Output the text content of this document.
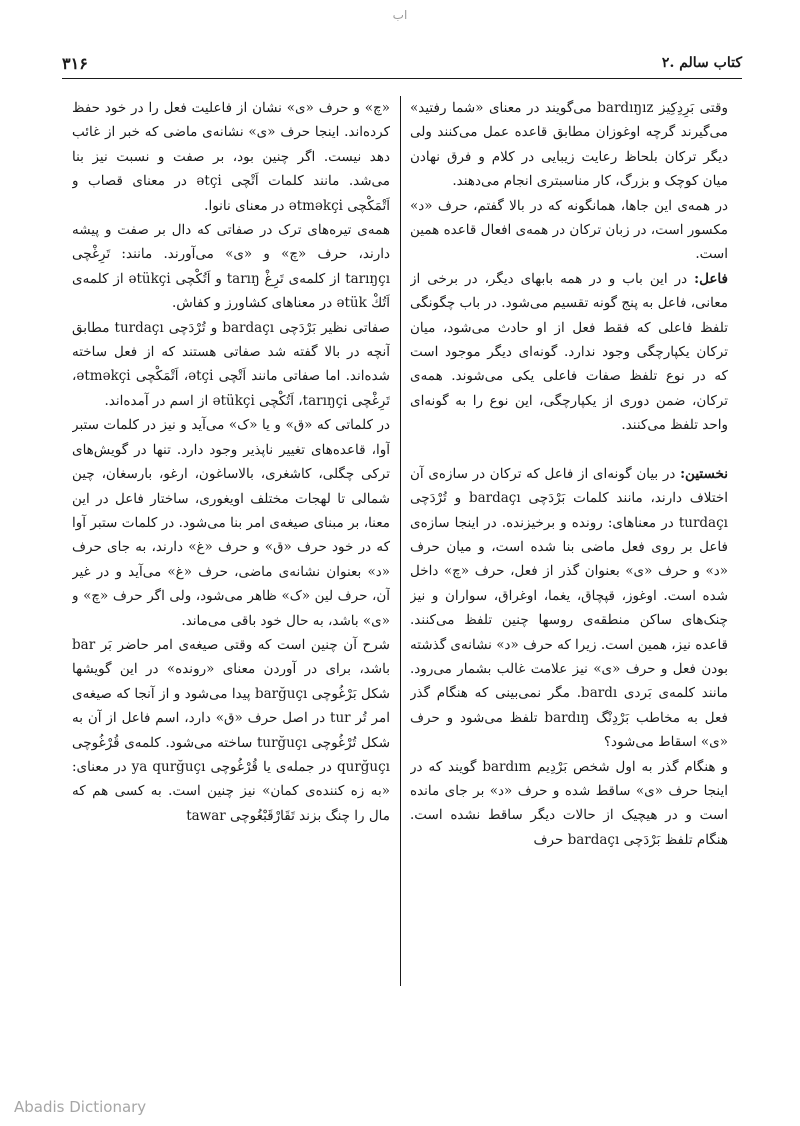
اب
۳۱۶	۲. کتاب سالم

وقتی بَرِدِكِیز bardıŋız می‌گویند در معنای «شما رفتید» می‌گیرند گرچه اوغوزان مطابق قاعده عمل می‌کنند ولی دیگر ترکان بلحاظ رعایت زیبایی در کلام و فرق نهادن میان کوچک و بزرگ، کار مناسبتری انجام می‌دهند.

در همه‌ی این جاها، همانگونه که در بالا گفتم، حرف «د» مکسور است، در زبان ترکان در همه‌ی افعال قاعده همین است.

فاعل: در این باب و در همه بابهای دیگر، در برخی از معانی، فاعل به پنج گونه تقسیم می‌شود. در باب چگونگی تلفظ فاعلی که فقط فعل از او حادث می‌شود، میان ترکان یکپارچگی وجود ندارد. گونه‌ای دیگر موجود است که در نوع تلفظ صفات فاعلی یکی می‌شوند. همه‌ی ترکان، ضمن دوری از یکپارچگی، این نوع را به گونه‌ای واحد تلفظ می‌کنند.

نخستین: در بیان گونه‌ای از فاعل که ترکان در سازه‌ی آن اختلاف دارند، مانند کلمات بَرْدَچی bardaçı و تُرْدَچی turdaçı در معناهای: رونده و برخیزنده. در اینجا سازه‌ی فاعل بر روی فعل ماضی بنا شده است، و میان حرف «د» و حرف «ی» بعنوان گذر از فعل، حرف «چ» داخل شده است. اوغوز، قپچاق، یغما، اوغراق، سواران و نیز چنک‌های ساکن منطقه‌ی روسها چنین تلفظ می‌کنند. قاعده نیز، همین است. زیرا که حرف «د» نشانه‌ی گذشته بودن فعل و حرف «ی» نیز علامت غالب بشمار می‌رود. مانند کلمه‌ی بَردی bardı. مگر نمی‌بینی که هنگام گذر فعل به مخاطب بَرْدِنْگ bardıŋ تلفظ می‌شود و حرف «ی» اسقاط می‌شود؟

و هنگام گذر به اول شخص بَرْدِیم bardım گویند که در اینجا حرف «ی» ساقط شده و حرف «د» بر جای مانده است و در هیچیک از حالات دیگر ساقط نشده است. هنگام تلفظ بَرْدَچی bardaçı حرف

«چ» و حرف «ی» نشان از فاعلیت فعل را در خود حفظ کرده‌اند. اینجا حرف «ی» نشانه‌ی ماضی که خبر از غائب دهد نیست. اگر چنین بود، بر صفت و نسبت نیز بنا می‌شد. مانند کلمات اَتْچی ətçi در معنای قصاب و اَتْمَكْچی ətməkçi در معنای نانوا.

همه‌ی تیره‌های ترک در صفاتی که دال بر صفت و پیشه دارند، حرف «چ» و «ی» می‌آورند. مانند: تَرِغْچی tarıŋçı از کلمه‌ی تَرِغْ tarıŋ و اَتُكْچی ətükçi از کلمه‌ی اَتُكْ ətük در معناهای کشاورز و کفاش.

صفاتی نظیر بَرْدَچی bardaçı و تُرْدَچی turdaçı مطابق آنچه در بالا گفته شد صفاتی هستند که از فعل ساخته شده‌اند. اما صفاتی مانند اَتْچی ətçi، اَتْمَكْچی ətməkçi، تَرِغْچی tarıŋçi، اَتُكْچی ətükçi از اسم در آمده‌اند.

در کلماتی که «ق» و یا «ک» می‌آید و نیز در کلمات ستبر آوا، قاعده‌های تغییر ناپذیر وجود دارد. تنها در گویش‌های ترکی چگلی، کاشغری، بالاساغون، ارغو، بارسغان، چین شمالی تا لهجات مختلف اویغوری، ساختار فاعل در این معنا، بر مبنای صیغه‌ی امر بنا می‌شود. در کلمات ستبر آوا که در خود حرف «ق» و حرف «غ» دارند، به جای حرف «د» بعنوان نشانه‌ی ماضی، حرف «غ» می‌آید و در غیر آن، حرف لین «ک» ظاهر می‌شود، ولی اگر حرف «چ» و «ی» باشد، به حال خود باقی می‌ماند.

شرح آن چنین است که وقتی صیغه‌ی امر حاضر بَر bar باشد، برای در آوردن معنای «رونده» در این گویشها شکل بَرْغُوچی barğuçı پیدا می‌شود و از آنجا که صیغه‌ی امر تُر tur در اصل حرف «ق» دارد، اسم فاعل از آن به شکل تُرْغُوچی turğuçı ساخته می‌شود. کلمه‌ی قُرْغُوچی qurğuçı در جمله‌ی یا قُرْغُوچی ya qurğuçı در معنای: «به زه کننده‌ی کمان» نیز چنین است. به کسی هم که مال را چنگ بزند تَقَارْقَبْغُوچی tawar

Abadis Dictionary
